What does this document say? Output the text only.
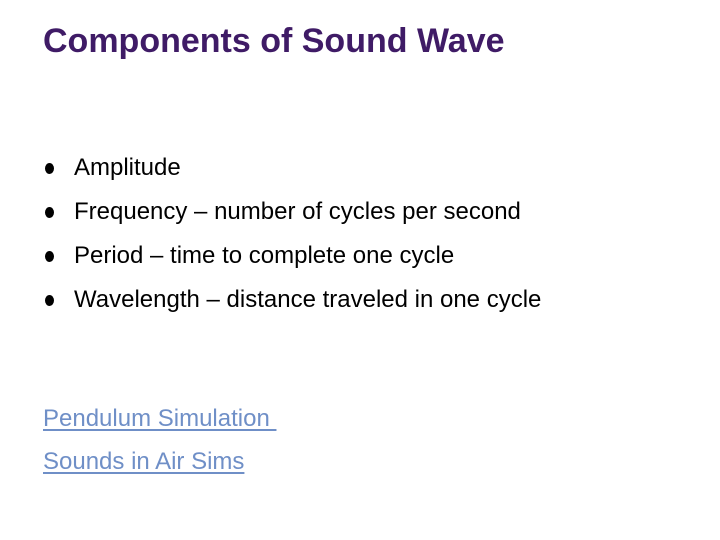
Components of Sound Wave
Amplitude
Frequency – number of cycles per second
Period – time to complete one cycle
Wavelength – distance traveled in one cycle
Pendulum Simulation
Sounds in Air Sims
